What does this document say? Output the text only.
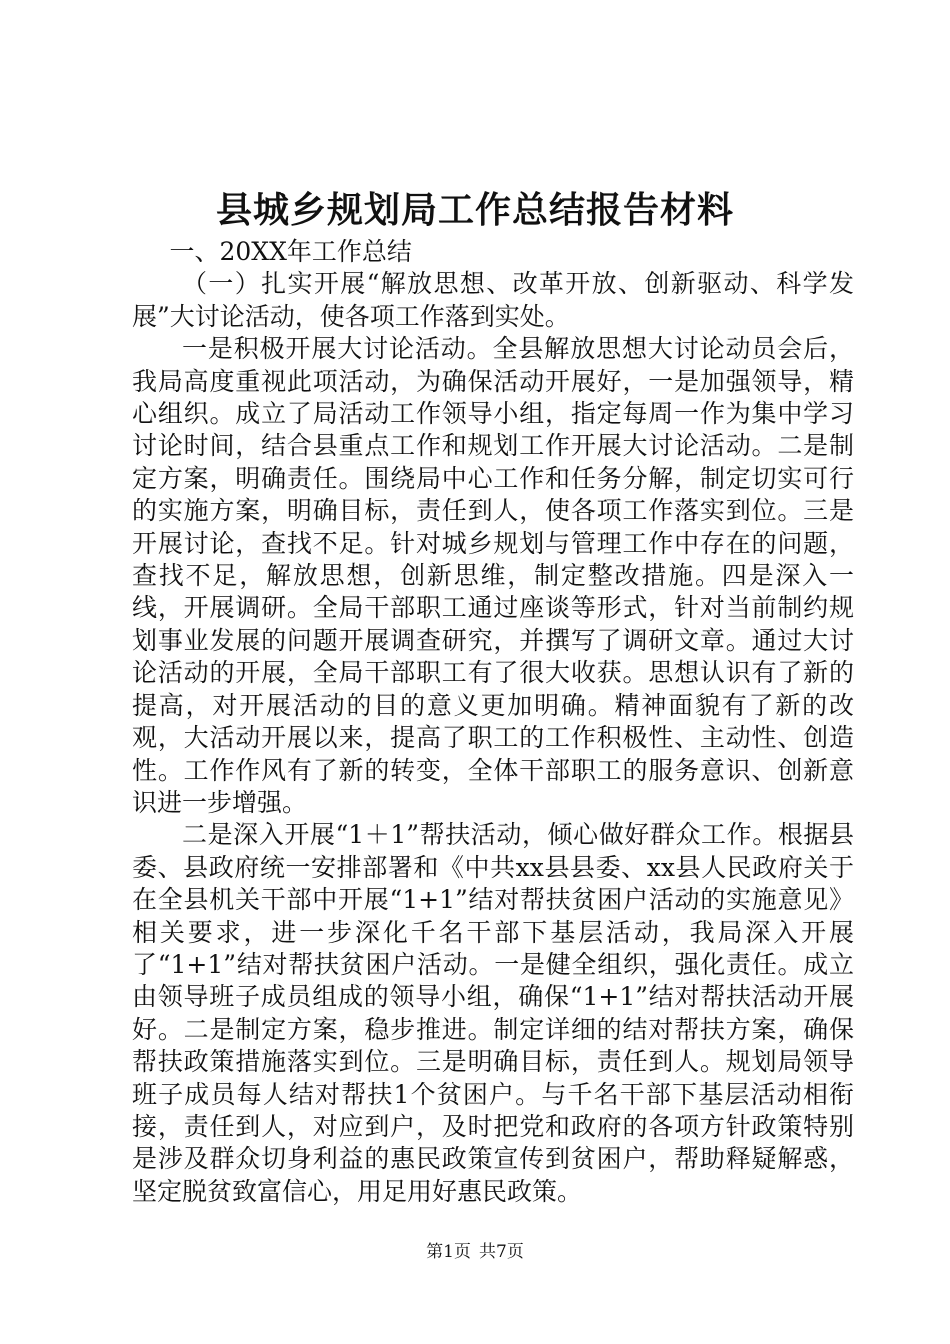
县城乡规划局工作总结报告材料

一、20XX年工作总结

（一）扎实开展“解放思想、改革开放、创新驱动、科学发展”大讨论活动，使各项工作落到实处。

一是积极开展大讨论活动。全县解放思想大讨论动员会后，我局高度重视此项活动，为确保活动开展好，一是加强领导，精心组织。成立了局活动工作领导小组，指定每周一作为集中学习讨论时间，结合县重点工作和规划工作开展大讨论活动。二是制定方案，明确责任。围绕局中心工作和任务分解，制定切实可行的实施方案，明确目标，责任到人，使各项工作落实到位。三是开展讨论，查找不足。针对城乡规划与管理工作中存在的问题，查找不足，解放思想，创新思维，制定整改措施。四是深入一线，开展调研。全局干部职工通过座谈等形式，针对当前制约规划事业发展的问题开展调查研究，并撰写了调研文章。通过大讨论活动的开展，全局干部职工有了很大收获。思想认识有了新的提高，对开展活动的目的意义更加明确。精神面貌有了新的改观，大活动开展以来，提高了职工的工作积极性、主动性、创造性。工作作风有了新的转变，全体干部职工的服务意识、创新意识进一步增强。

二是深入开展“1＋1”帮扶活动，倾心做好群众工作。根据县委、县政府统一安排部署和《中共xx县县委、xx县人民政府关于在全县机关干部中开展“1+1”结对帮扶贫困户活动的实施意见》相关要求，进一步深化千名干部下基层活动，我局深入开展了“1+1”结对帮扶贫困户活动。一是健全组织，强化责任。成立由领导班子成员组成的领导小组，确保“1+1”结对帮扶活动开展好。二是制定方案，稳步推进。制定详细的结对帮扶方案，确保帮扶政策措施落实到位。三是明确目标，责任到人。规划局领导班子成员每人结对帮扶1个贫困户。与千名干部下基层活动相衔接，责任到人，对应到户，及时把党和政府的各项方针政策特别是涉及群众切身利益的惠民政策宣传到贫困户，帮助释疑解惑，坚定脱贫致富信心，用足用好惠民政策。

第1页 共7页
